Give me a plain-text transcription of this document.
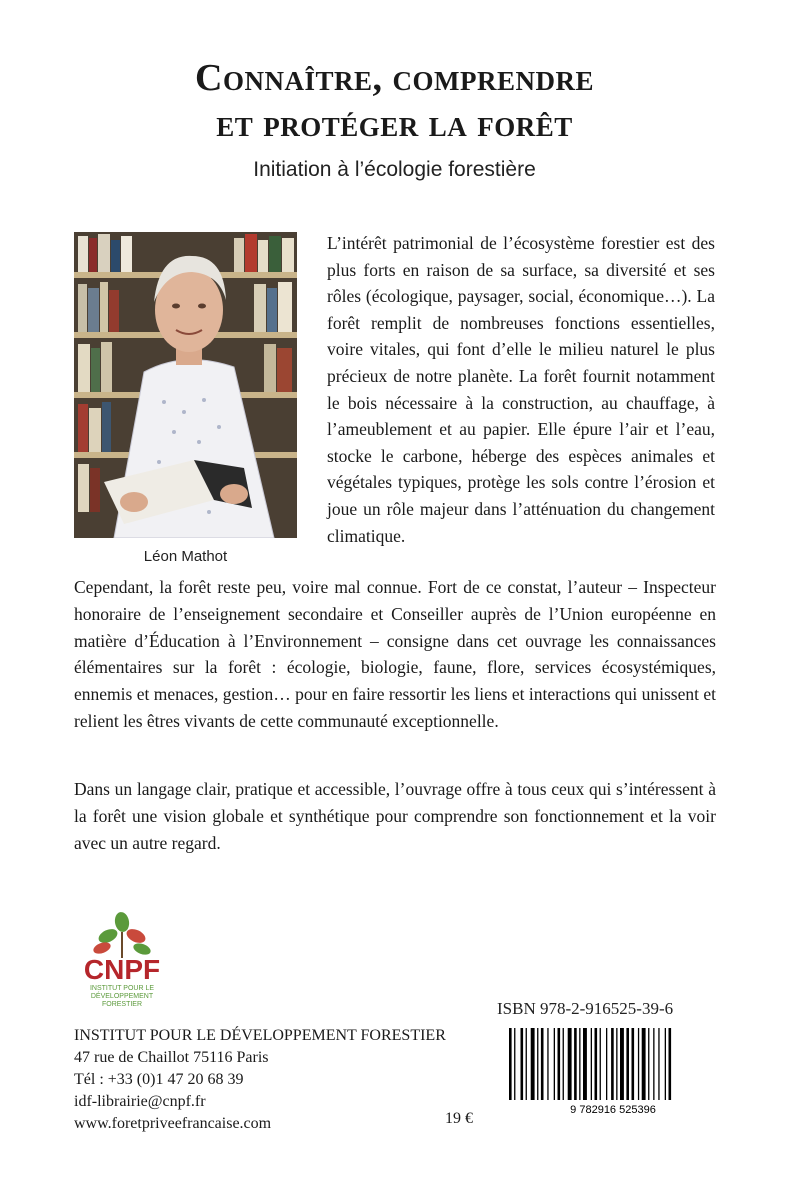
Connaître, comprendre
et protéger la forêt
Initiation à l’écologie forestière
Léon Mathot

L’intérêt patrimonial de l’écosystème forestier est des plus forts en raison de sa surface, sa diversité et ses rôles (écologique, paysager, social, économique…). La forêt remplit de nombreuses fonctions essentielles, voire vitales, qui font d’elle le milieu naturel le plus précieux de notre planète. La forêt fournit notamment le bois nécessaire à la construction, au chauffage, à l’ameublement et au papier. Elle épure l’air et l’eau, stocke le carbone, héberge des espèces animales et végétales typiques, protège les sols contre l’érosion et joue un rôle majeur dans l’atténuation du changement climatique.

Cependant, la forêt reste peu, voire mal connue. Fort de ce constat, l’auteur – Inspecteur honoraire de l’enseignement secondaire et Conseiller auprès de l’Union européenne en matière d’Éducation à l’Environnement – consigne dans cet ouvrage les connaissances élémentaires sur la forêt : écologie, biologie, faune, flore, services écosystémiques, ennemis et menaces, gestion… pour en faire ressortir les liens et interactions qui unissent et relient les êtres vivants de cette communauté exceptionnelle.

Dans un langage clair, pratique et accessible, l’ouvrage offre à tous ceux qui s’intéressent à la forêt une vision globale et synthétique pour comprendre son fonctionnement et la voir avec un autre regard.

CNPF
INSTITUT POUR LE
DÉVELOPPEMENT
FORESTIER	ISBN 978-2-916525-39-6
9 782916 525396
INSTITUT POUR LE DÉVELOPPEMENT FORESTIER
47 rue de Chaillot 75116 Paris
Tél : +33 (0)1 47 20 68 39
idf-librairie@cnpf.fr
www.foretpriveefrancaise.com	19 €
